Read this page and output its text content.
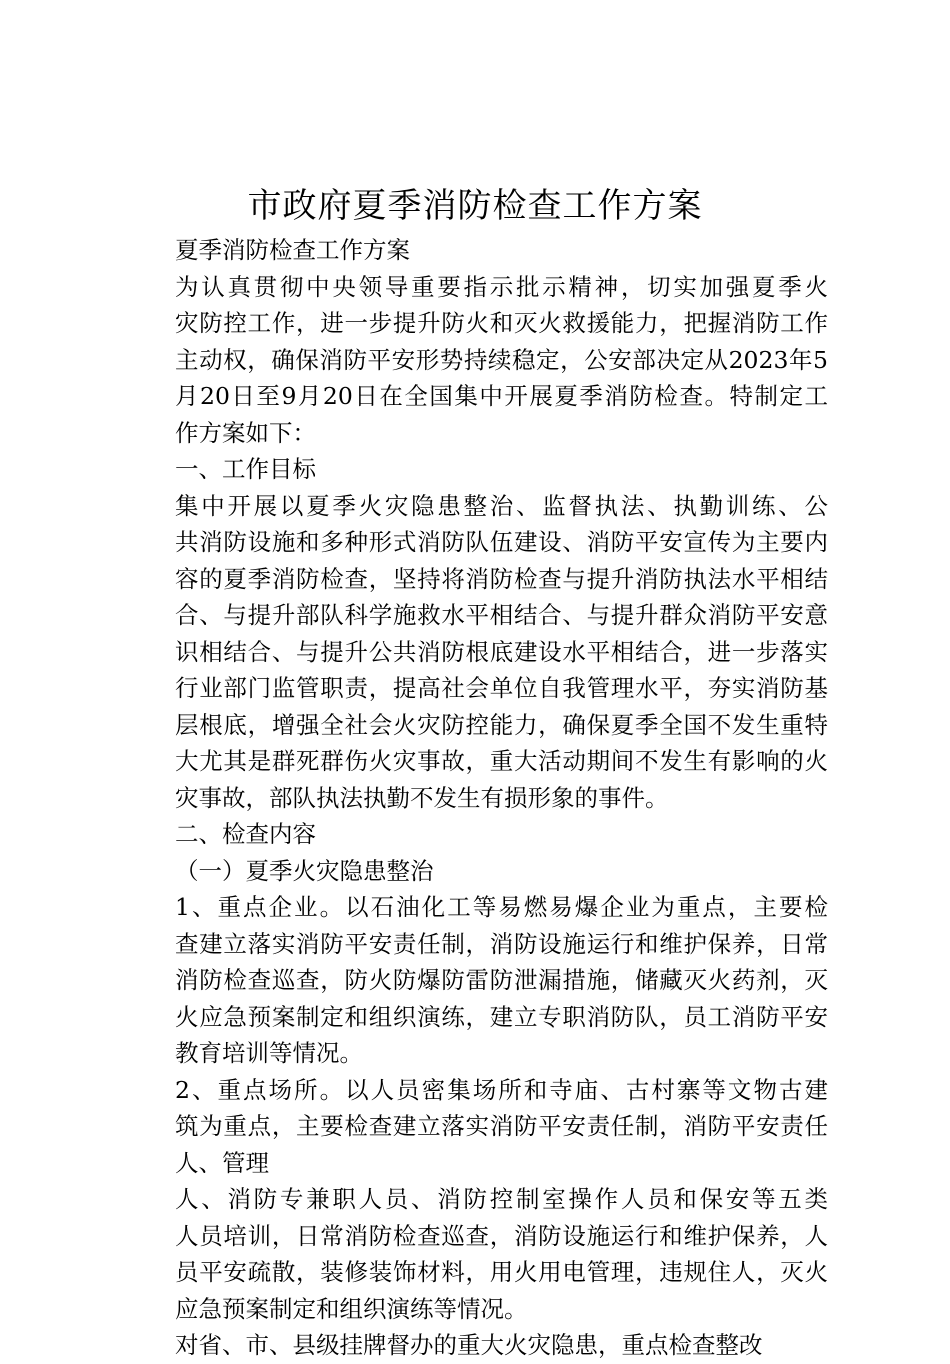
市政府夏季消防检查工作方案
夏季消防检查工作方案
为认真贯彻中央领导重要指示批示精神，切实加强夏季火
灾防控工作，进一步提升防火和灭火救援能力，把握消防工作
主动权，确保消防平安形势持续稳定，公安部决定从2023年5
月20日至9月20日在全国集中开展夏季消防检查。特制定工
作方案如下：
一、工作目标
集中开展以夏季火灾隐患整治、监督执法、执勤训练、公
共消防设施和多种形式消防队伍建设、消防平安宣传为主要内
容的夏季消防检查，坚持将消防检查与提升消防执法水平相结
合、与提升部队科学施救水平相结合、与提升群众消防平安意
识相结合、与提升公共消防根底建设水平相结合，进一步落实
行业部门监管职责，提高社会单位自我管理水平，夯实消防基
层根底，增强全社会火灾防控能力，确保夏季全国不发生重特
大尤其是群死群伤火灾事故，重大活动期间不发生有影响的火
灾事故，部队执法执勤不发生有损形象的事件。
二、检查内容
（一）夏季火灾隐患整治
1、重点企业。以石油化工等易燃易爆企业为重点，主要检
查建立落实消防平安责任制，消防设施运行和维护保养，日常
消防检查巡查，防火防爆防雷防泄漏措施，储藏灭火药剂，灭
火应急预案制定和组织演练，建立专职消防队，员工消防平安
教育培训等情况。
2、重点场所。以人员密集场所和寺庙、古村寨等文物古建
筑为重点，主要检查建立落实消防平安责任制，消防平安责任
人、管理
人、消防专兼职人员、消防控制室操作人员和保安等五类
人员培训，日常消防检查巡查，消防设施运行和维护保养，人
员平安疏散，装修装饰材料，用火用电管理，违规住人，灭火
应急预案制定和组织演练等情况。
对省、市、县级挂牌督办的重大火灾隐患，重点检查整改
